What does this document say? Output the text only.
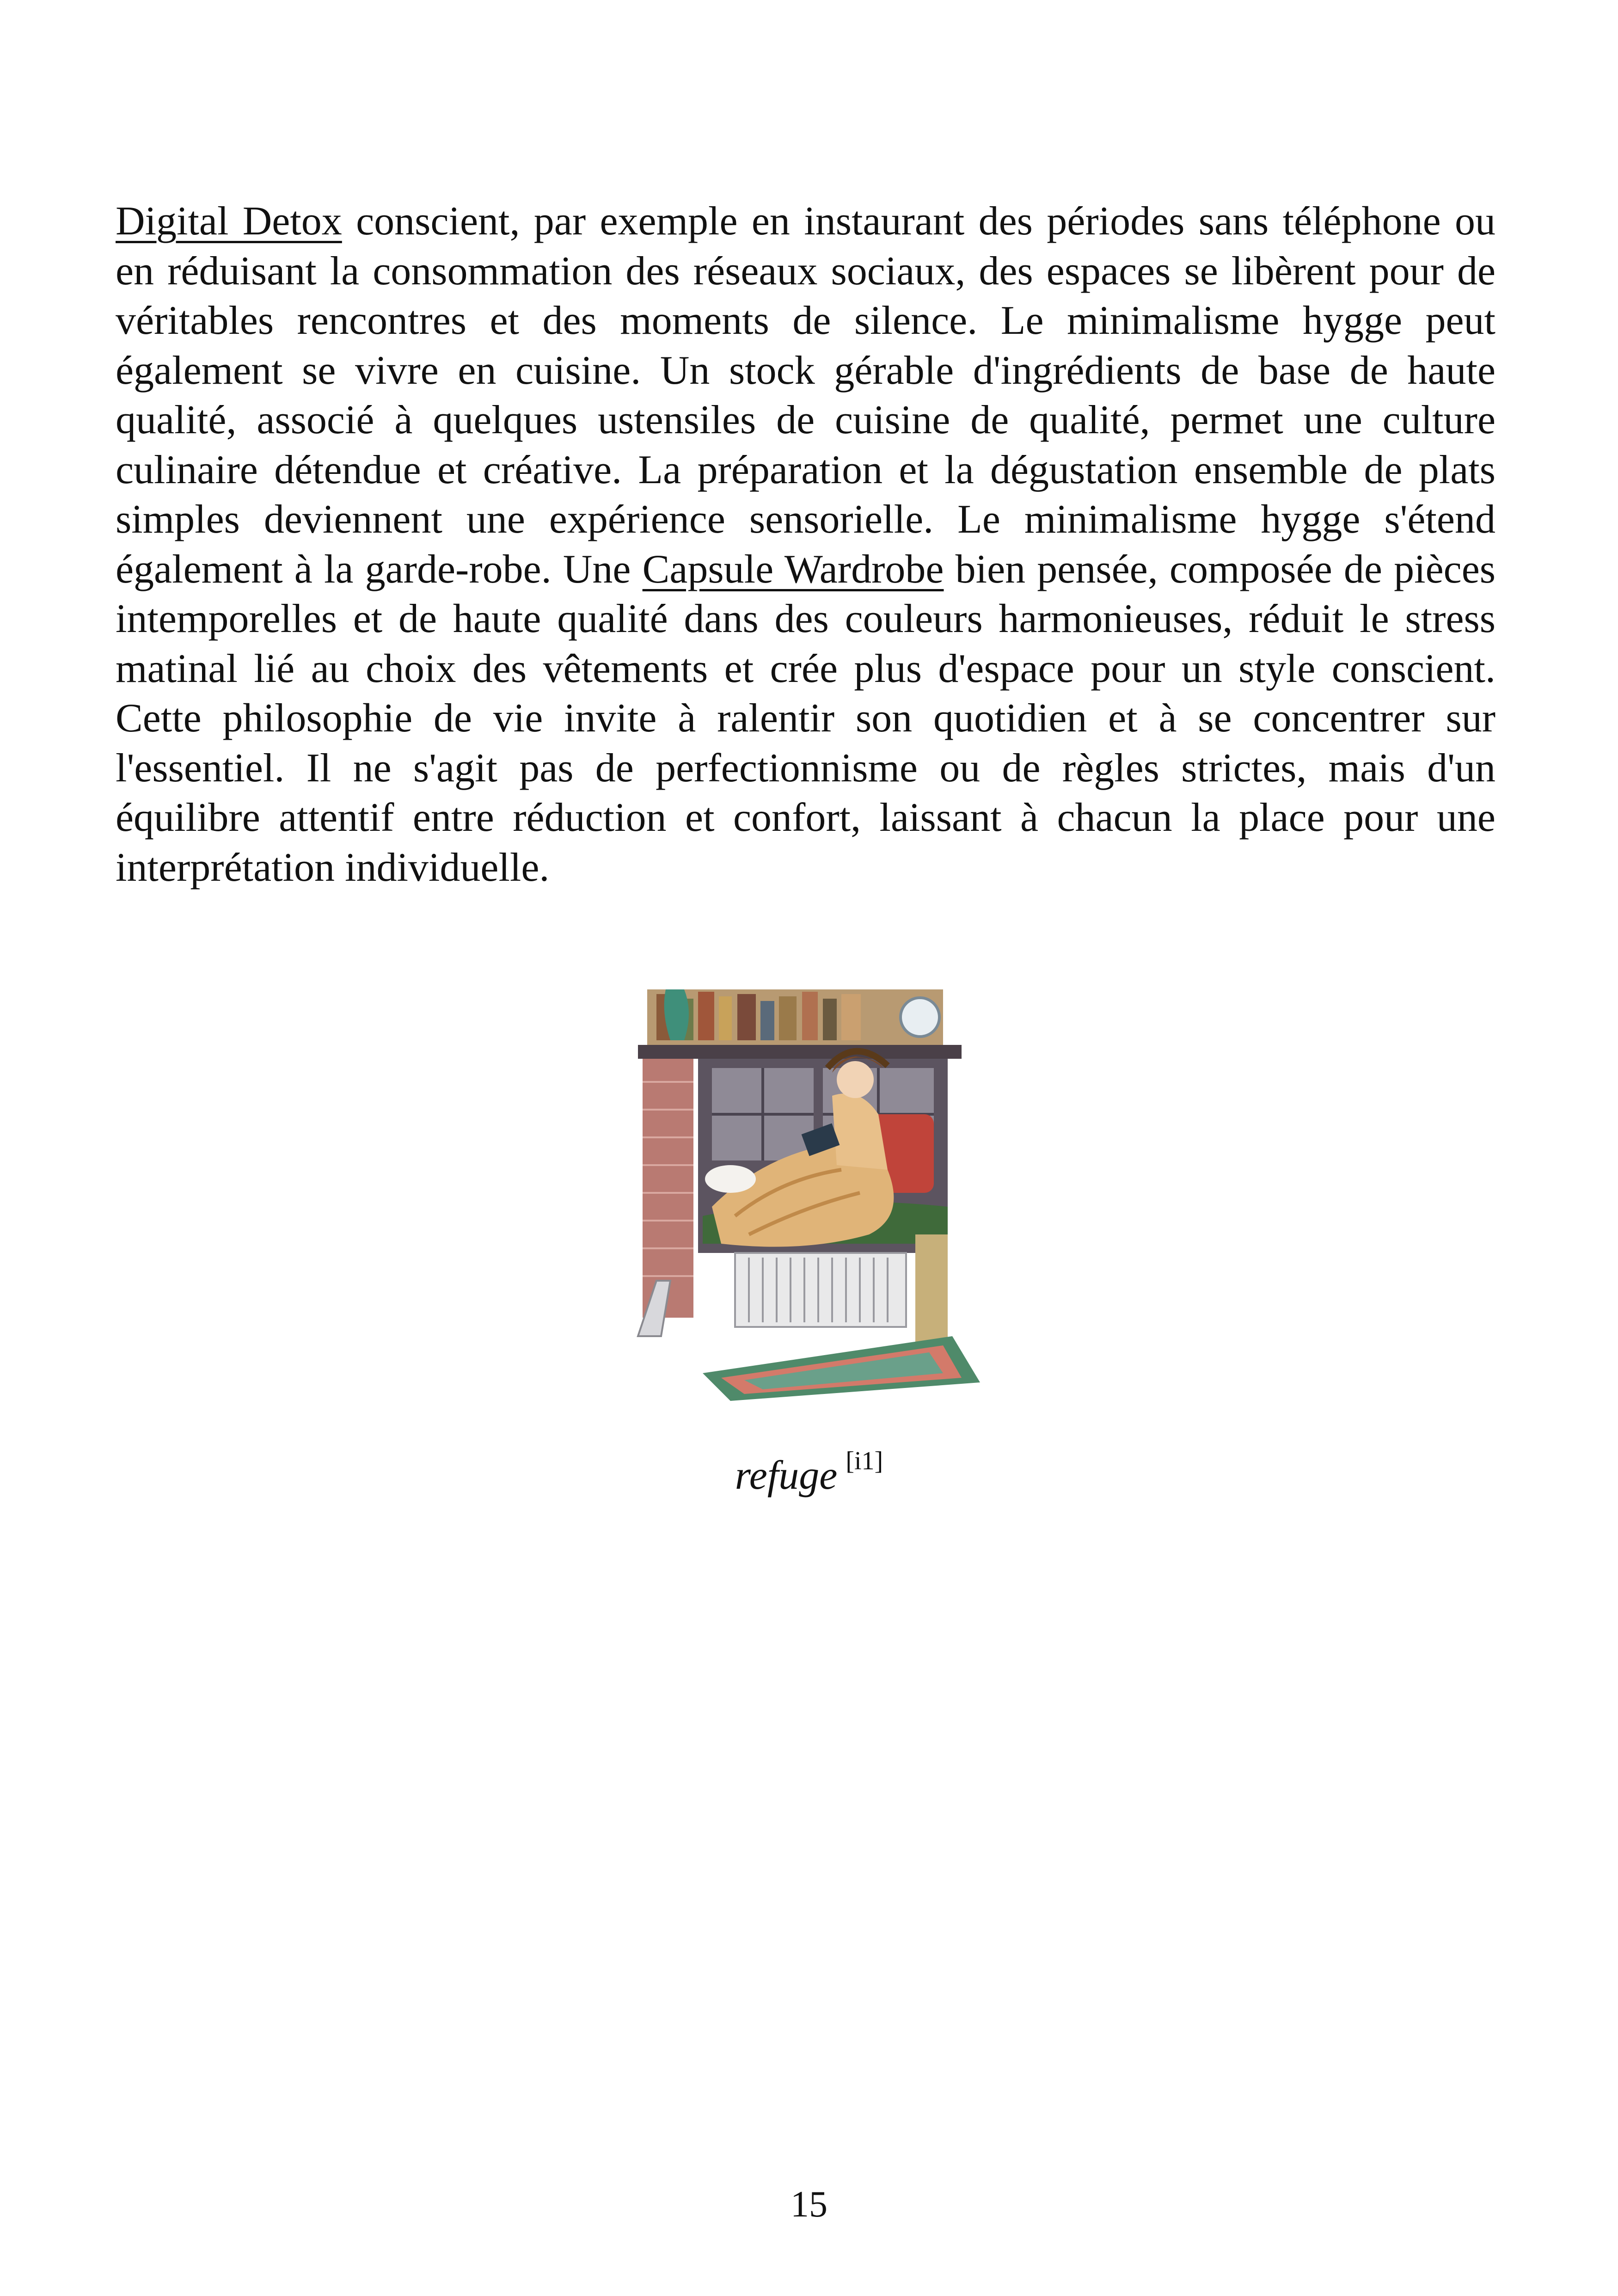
Digital Detox conscient, par exemple en instaurant des périodes sans téléphone ou en réduisant la consommation des réseaux sociaux, des espaces se libèrent pour de véritables rencontres et des moments de silence. Le minimalisme hygge peut également se vivre en cuisine. Un stock gérable d'ingrédients de base de haute qualité, associé à quelques ustensiles de cuisine de qualité, permet une culture culinaire détendue et créative. La préparation et la dégustation ensemble de plats simples deviennent une expérience sensorielle. Le minimalisme hygge s'étend également à la garde-robe. Une Capsule Wardrobe bien pensée, composée de pièces intemporelles et de haute qualité dans des couleurs harmonieuses, réduit le stress matinal lié au choix des vêtements et crée plus d'espace pour un style conscient. Cette philosophie de vie invite à ralentir son quotidien et à se concentrer sur l'essentiel. Il ne s'agit pas de perfectionnisme ou de règles strictes, mais d'un équilibre attentif entre réduction et confort, laissant à chacun la place pour une interprétation individuelle.

refuge [i1]

15
